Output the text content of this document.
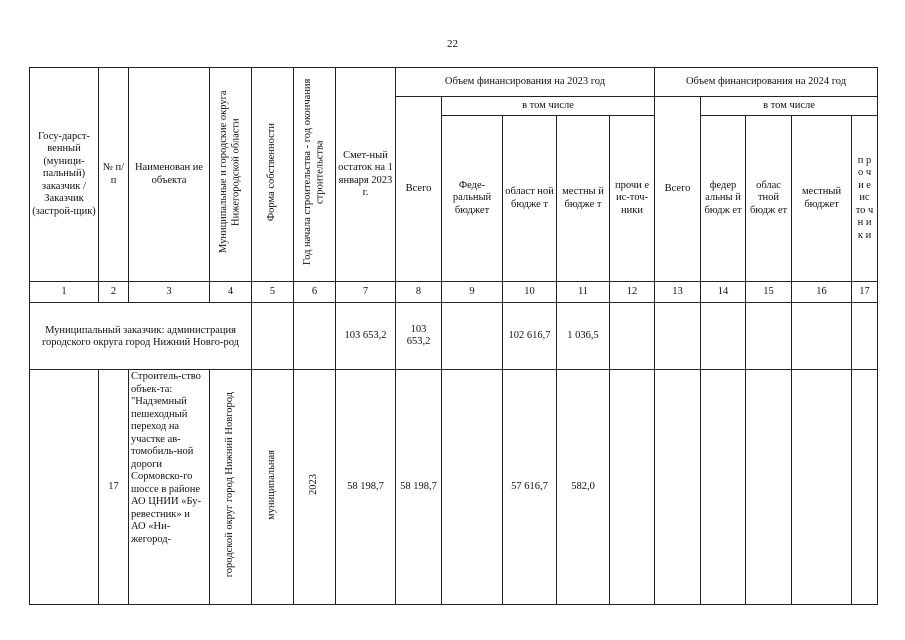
22
Госу-дарст-венный (муници-пальный) заказчик / Заказчик (застрой-щик)	№ п/п	Наименован ие объекта	Муниципальные и городские округа Нижегородской области	Форма собственности	Год начала строительства - год окончания строительства	Смет-ный остаток на 1 января 2023 г.	Объем финансирования на 2023 год					Объем финансирования на 2024 год				
							Всего	в том числе				Всего	в том числе			
								Феде-ральный бюджет	област ной бюдже т	местны й бюдже т	прочи е ис-точ-ники		федер альны й бюдж ет	облас тной бюдж ет	местный бюджет	п р о ч и е ис то ч н и к и
1	2	3	4	5	6	7	8	9	10	11	12	13	14	15	16	17
Муниципальный заказчик: администрация городского округа город Нижний Новго-род						103 653,2	103 653,2		102 616,7	1 036,5						
	17	Строитель-ство объек-та: "Надземный пешеходный переход на участке ав-томобиль-ной дороги Сормовско-го шоссе в районе АО ЦНИИ «Бу-ревестник» и АО «Ни-жегород-	городской округ город Нижний Новгород	муниципальная	2023	58 198,7	58 198,7		57 616,7	582,0						
